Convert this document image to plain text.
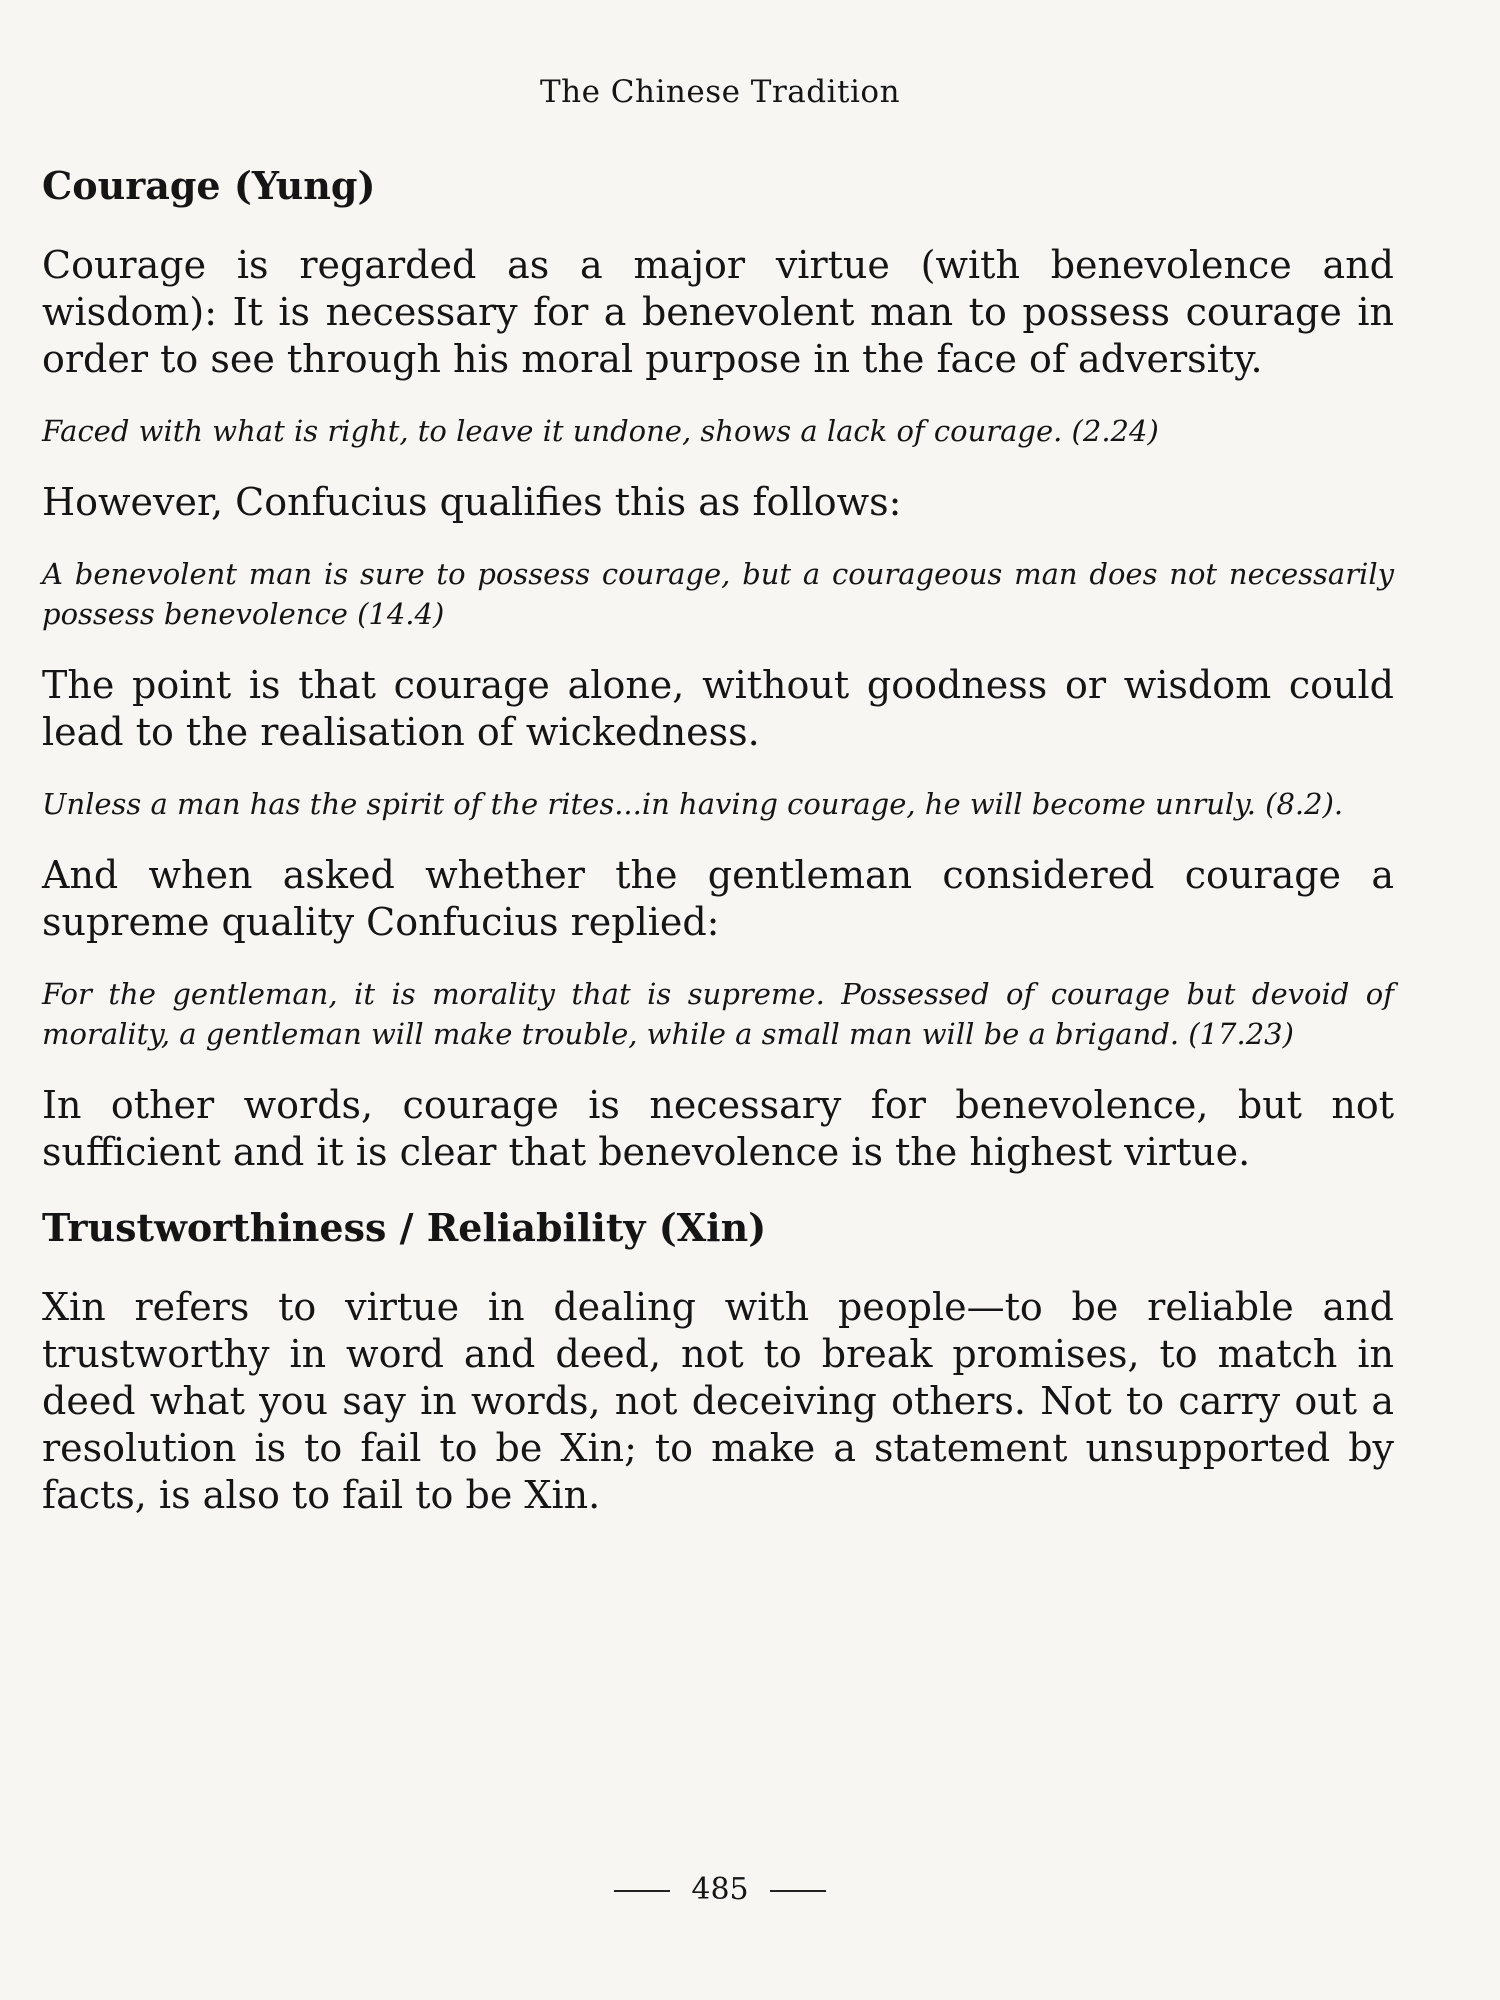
The Chinese Tradition
Courage (Yung)

Courage is regarded as a major virtue (with benevolence and wisdom): It is necessary for a benevolent man to possess courage in order to see through his moral purpose in the face of adversity.

Faced with what is right, to leave it undone, shows a lack of courage. (2.24)

However, Confucius qualifies this as follows:

A benevolent man is sure to possess courage, but a courageous man does not necessarily possess benevolence (14.4)

The point is that courage alone, without goodness or wisdom could lead to the realisation of wickedness.

Unless a man has the spirit of the rites...in having courage, he will become unruly. (8.2).

And when asked whether the gentleman considered courage a supreme quality Confucius replied:

For the gentleman, it is morality that is supreme. Possessed of courage but devoid of morality, a gentleman will make trouble, while a small man will be a brigand. (17.23)

In other words, courage is necessary for benevolence, but not sufficient and it is clear that benevolence is the highest virtue.

Trustworthiness / Reliability (Xin)

Xin refers to virtue in dealing with people—to be reliable and trustworthy in word and deed, not to break promises, to match in deed what you say in words, not deceiving others. Not to carry out a resolution is to fail to be Xin; to make a statement unsupported by facts, is also to fail to be Xin.

485
